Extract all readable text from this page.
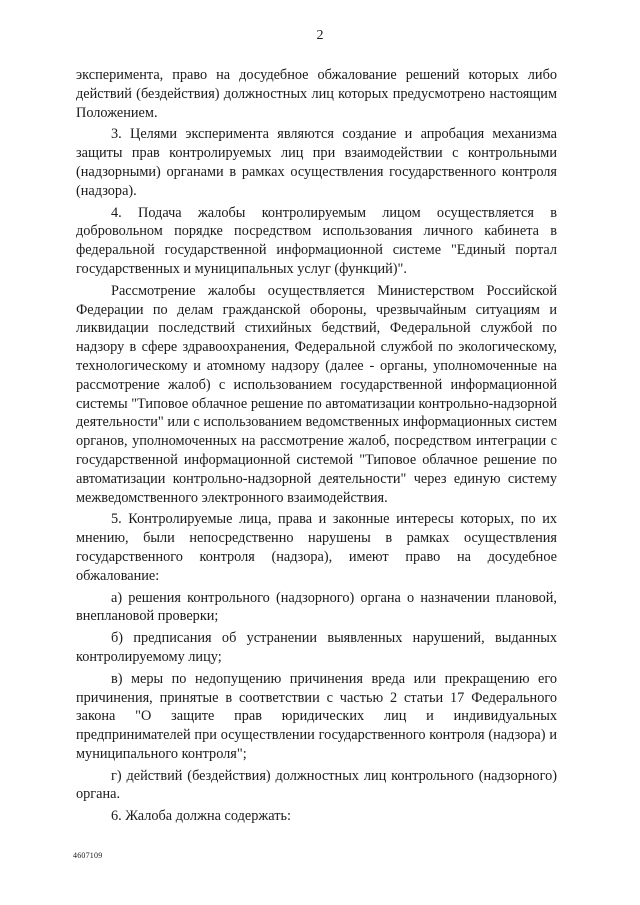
2

эксперимента, право на досудебное обжалование решений которых либо действий (бездействия) должностных лиц которых предусмотрено настоящим Положением.

3. Целями эксперимента являются создание и апробация механизма защиты прав контролируемых лиц при взаимодействии с контрольными (надзорными) органами в рамках осуществления государственного контроля (надзора).

4. Подача жалобы контролируемым лицом осуществляется в добровольном порядке посредством использования личного кабинета в федеральной государственной информационной системе "Единый портал государственных и муниципальных услуг (функций)".

Рассмотрение жалобы осуществляется Министерством Российской Федерации по делам гражданской обороны, чрезвычайным ситуациям и ликвидации последствий стихийных бедствий, Федеральной службой по надзору в сфере здравоохранения, Федеральной службой по экологическому, технологическому и атомному надзору (далее - органы, уполномоченные на рассмотрение жалоб) с использованием государственной информационной системы "Типовое облачное решение по автоматизации контрольно-надзорной деятельности" или с использованием ведомственных информационных систем органов, уполномоченных на рассмотрение жалоб, посредством интеграции с государственной информационной системой "Типовое облачное решение по автоматизации контрольно-надзорной деятельности" через единую систему межведомственного электронного взаимодействия.

5. Контролируемые лица, права и законные интересы которых, по их мнению, были непосредственно нарушены в рамках осуществления государственного контроля (надзора), имеют право на досудебное обжалование:

а) решения контрольного (надзорного) органа о назначении плановой, внеплановой проверки;

б) предписания об устранении выявленных нарушений, выданных контролируемому лицу;

в) меры по недопущению причинения вреда или прекращению его причинения, принятые в соответствии с частью 2 статьи 17 Федерального закона "О защите прав юридических лиц и индивидуальных предпринимателей при осуществлении государственного контроля (надзора) и муниципального контроля";

г) действий (бездействия) должностных лиц контрольного (надзорного) органа.

6. Жалоба должна содержать:

4607109
